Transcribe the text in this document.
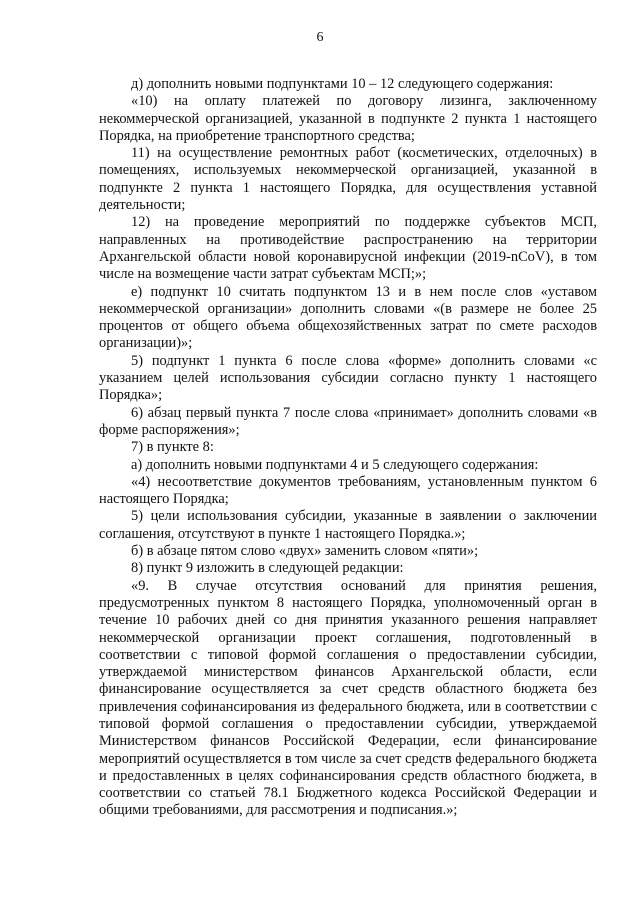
6

д) дополнить новыми подпунктами 10 – 12 следующего содержания:

«10) на оплату платежей по договору лизинга, заключенному некоммерческой организацией, указанной в подпункте 2 пункта 1 настоящего Порядка, на приобретение транспортного средства;

11) на осуществление ремонтных работ (косметических, отделочных) в помещениях, используемых некоммерческой организацией, указанной в подпункте 2 пункта 1 настоящего Порядка, для осуществления уставной деятельности;

12) на проведение мероприятий по поддержке субъектов МСП, направленных на противодействие распространению на территории Архангельской области новой коронавирусной инфекции (2019-nCoV), в том числе на возмещение части затрат субъектам МСП;»;

е) подпункт 10 считать подпунктом 13 и в нем после слов «уставом некоммерческой организации» дополнить словами «(в размере не более 25 процентов от общего объема общехозяйственных затрат по смете расходов организации)»;

5) подпункт 1 пункта 6 после слова «форме» дополнить словами «с указанием целей использования субсидии согласно пункту 1 настоящего Порядка»;

6) абзац первый пункта 7 после слова «принимает» дополнить словами «в форме распоряжения»;

7) в пункте 8:

а) дополнить новыми подпунктами 4 и 5 следующего содержания:

«4) несоответствие документов требованиям, установленным пунктом 6 настоящего Порядка;

5) цели использования субсидии, указанные в заявлении о заключении соглашения, отсутствуют в пункте 1 настоящего Порядка.»;

б) в абзаце пятом слово «двух» заменить словом «пяти»;

8) пункт 9 изложить в следующей редакции:

«9. В случае отсутствия оснований для принятия решения, предусмотренных пунктом 8 настоящего Порядка, уполномоченный орган в течение 10 рабочих дней со дня принятия указанного решения направляет некоммерческой организации проект соглашения, подготовленный в соответствии с типовой формой соглашения о предоставлении субсидии, утверждаемой министерством финансов Архангельской области, если финансирование осуществляется за счет средств областного бюджета без привлечения софинансирования из федерального бюджета, или в соответствии с типовой формой соглашения о предоставлении субсидии, утверждаемой Министерством финансов Российской Федерации, если финансирование мероприятий осуществляется в том числе за счет средств федерального бюджета и предоставленных в целях софинансирования средств областного бюджета, в соответствии со статьей 78.1 Бюджетного кодекса Российской Федерации и общими требованиями, для рассмотрения и подписания.»;
